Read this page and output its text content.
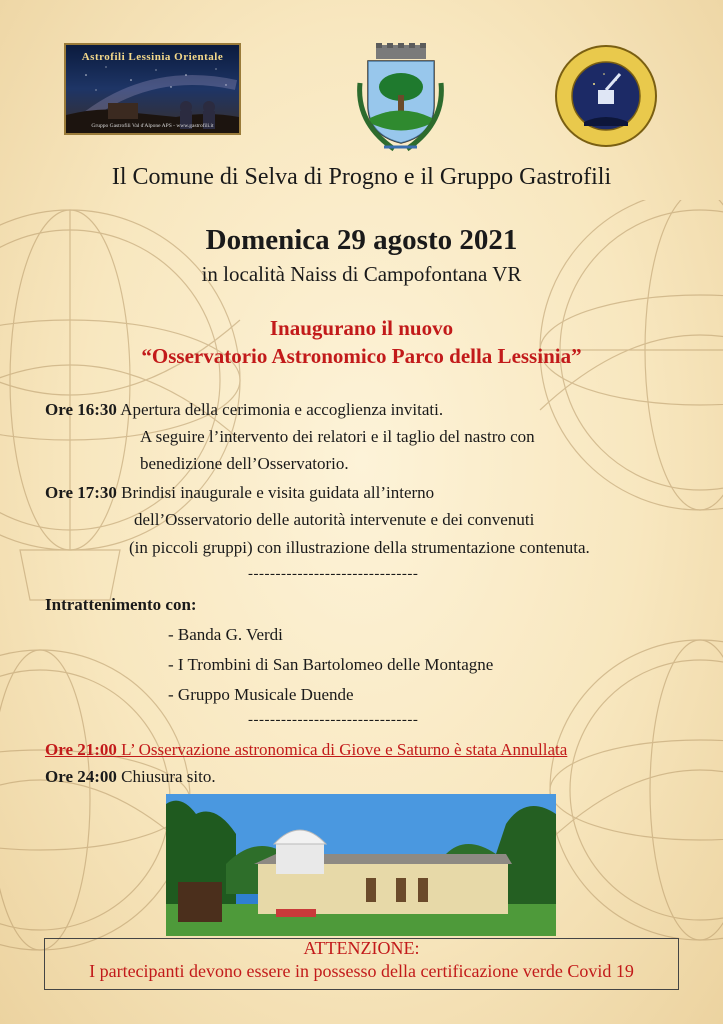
Astrofili Lessinia Orientale
Gruppo Gastrofili Val d'Alpone APS - www.gastrofili.it
Il Comune di Selva di Progno e il Gruppo Gastrofili
Domenica 29 agosto 2021
in località Naiss di Campofontana VR
Inaugurano il nuovo
“Osservatorio Astronomico Parco della Lessinia”
Ore 16:30 Apertura della cerimonia e accoglienza invitati.
A seguire l’intervento dei relatori e il taglio del nastro con
benedizione dell’Osservatorio.
Ore 17:30 Brindisi inaugurale e visita guidata all’interno
dell’Osservatorio delle autorità intervenute e dei convenuti
(in piccoli gruppi) con illustrazione della strumentazione contenuta.
-------------------------------
Intrattenimento con:
- Banda G. Verdi
- I Trombini di San Bartolomeo delle Montagne
- Gruppo Musicale Duende
-------------------------------
Ore 21:00 L’ Osservazione astronomica di Giove e Saturno è stata Annullata
Ore 24:00 Chiusura sito.
ATTENZIONE:
I partecipanti devono essere in possesso della certificazione verde Covid 19
